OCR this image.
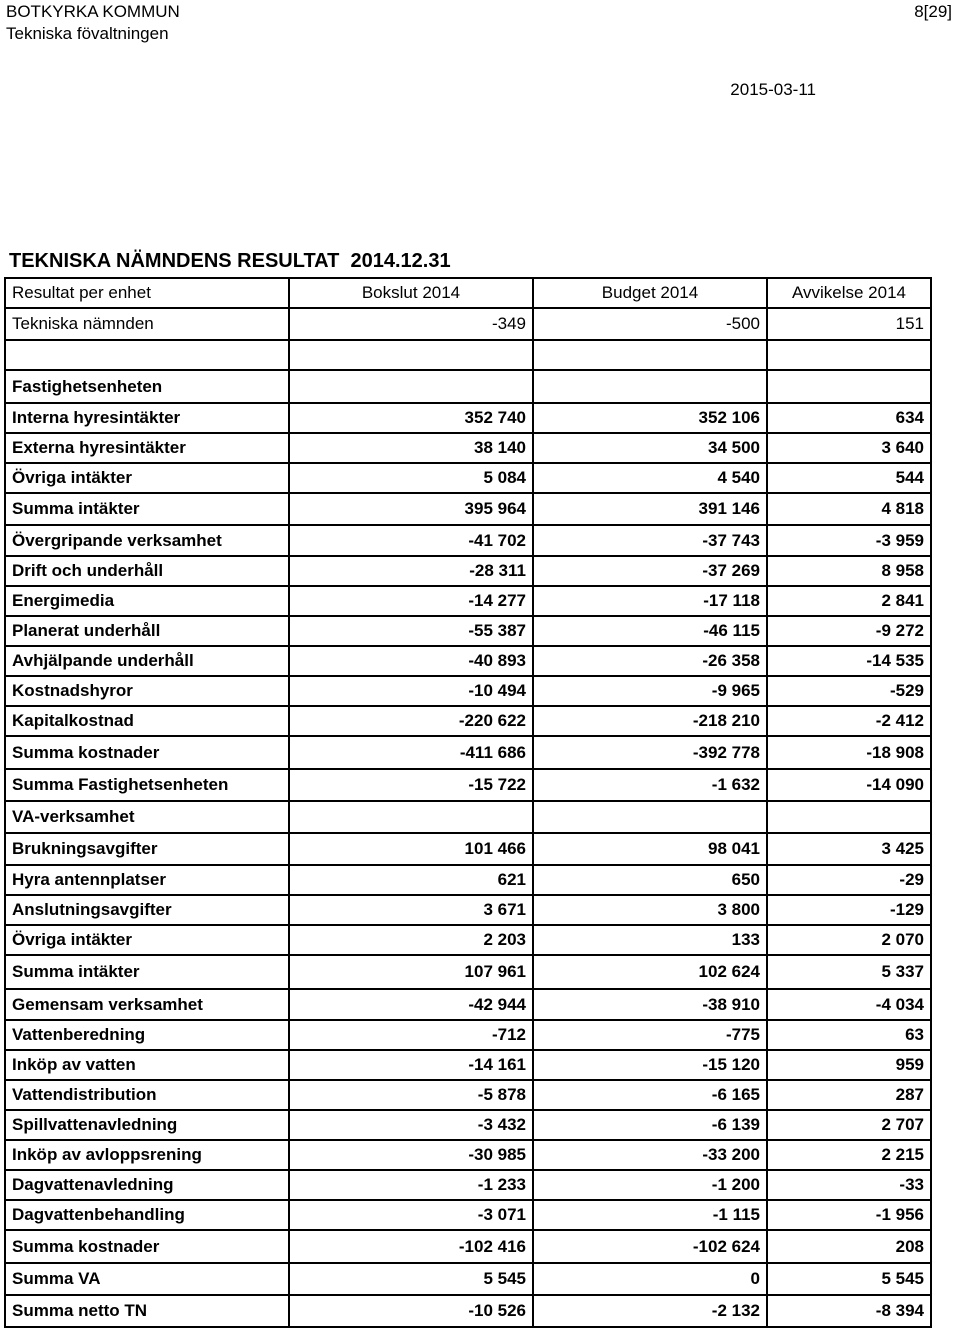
BOTKYRKA KOMMUN
Tekniska fövaltningen
8[29]
2015-03-11
TEKNISKA NÄMNDENS RESULTAT  2014.12.31
Resultat per enhet	Bokslut 2014	Budget 2014	Avvikelse 2014
Tekniska nämnden	-349	-500	151

Fastighetsenheten			
Interna hyresintäkter	352 740	352 106	634
Externa hyresintäkter	38 140	34 500	3 640
Övriga intäkter	5 084	4 540	544
Summa intäkter	395 964	391 146	4 818
Övergripande verksamhet	-41 702	-37 743	-3 959
Drift och underhåll	-28 311	-37 269	8 958
Energimedia	-14 277	-17 118	2 841
Planerat underhåll	-55 387	-46 115	-9 272
Avhjälpande underhåll	-40 893	-26 358	-14 535
Kostnadshyror	-10 494	-9 965	-529
Kapitalkostnad	-220 622	-218 210	-2 412
Summa kostnader	-411 686	-392 778	-18 908
Summa Fastighetsenheten	-15 722	-1 632	-14 090
VA-verksamhet			
Brukningsavgifter	101 466	98 041	3 425
Hyra antennplatser	621	650	-29
Anslutningsavgifter	3 671	3 800	-129
Övriga intäkter	2 203	133	2 070
Summa intäkter	107 961	102 624	5 337
Gemensam verksamhet	-42 944	-38 910	-4 034
Vattenberedning	-712	-775	63
Inköp av vatten	-14 161	-15 120	959
Vattendistribution	-5 878	-6 165	287
Spillvattenavledning	-3 432	-6 139	2 707
Inköp av avloppsrening	-30 985	-33 200	2 215
Dagvattenavledning	-1 233	-1 200	-33
Dagvattenbehandling	-3 071	-1 115	-1 956
Summa kostnader	-102 416	-102 624	208
Summa VA	5 545	0	5 545
Summa netto TN	-10 526	-2 132	-8 394
